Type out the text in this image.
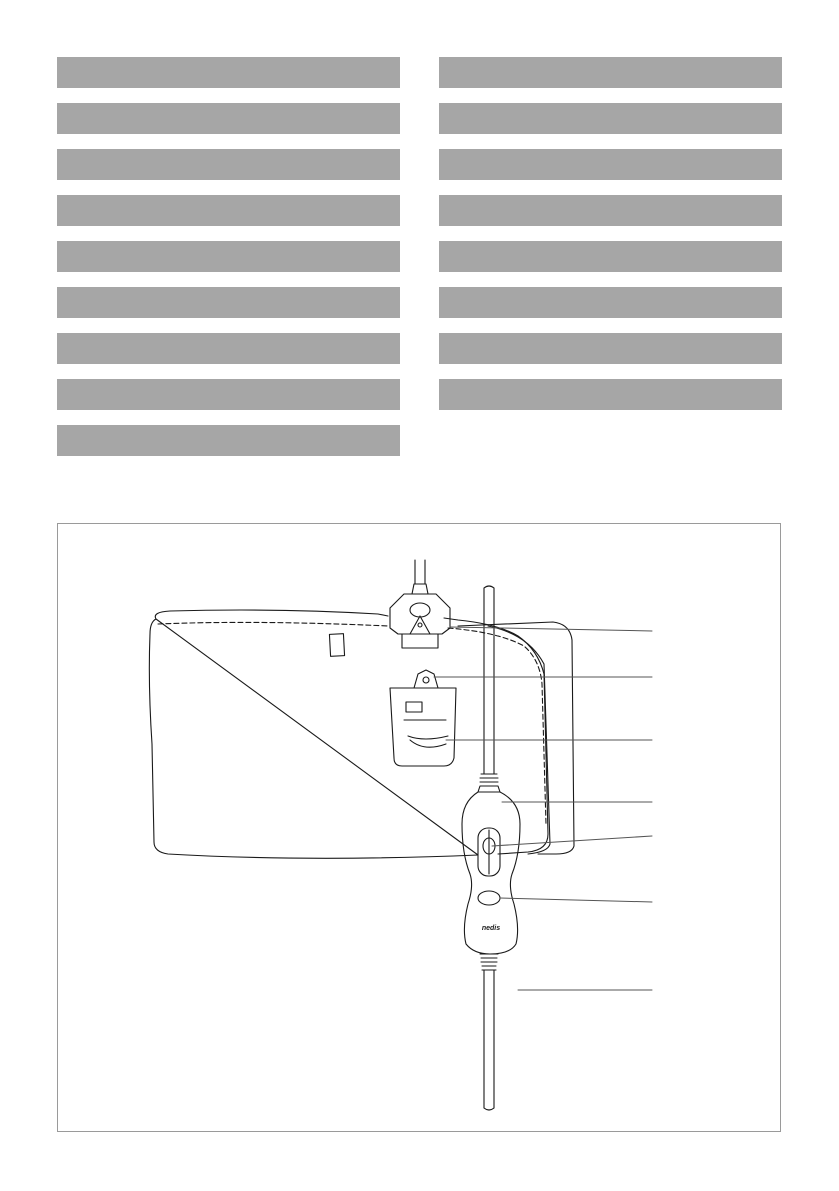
nedis
